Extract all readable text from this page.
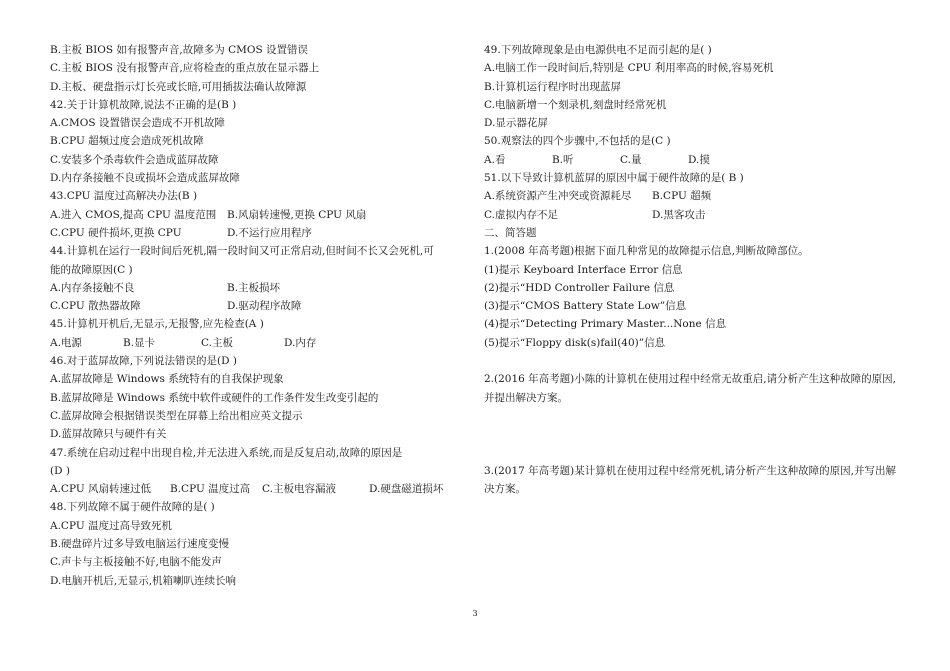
B.主板 BIOS 如有报警声音,故障多为 CMOS 设置错误
C.主板 BIOS 没有报警声音,应将检查的重点放在显示器上
D.主板、硬盘指示灯长亮或长暗,可用插拔法确认故障源
42.关于计算机故障,说法不正确的是(B )
A.CMOS 设置错误会造成不开机故障
B.CPU 超频过度会造成死机故障
C.安装多个杀毒软件会造成蓝屏故障
D.内存条接触不良或损坏会造成蓝屏故障
43.CPU 温度过高解决办法(B )
A.进入 CMOS,提高 CPU 温度范围	B.风扇转速慢,更换 CPU 风扇
C.CPU 硬件损坏,更换 CPU	D.不运行应用程序
44.计算机在运行一段时间后死机,隔一段时间又可正常启动,但时间不长又会死机,可
能的故障原因(C )
A.内存条接触不良	B.主板损坏
C.CPU 散热器故障	D.驱动程序故障
45.计算机开机后,无显示,无报警,应先检查(A )
A.电源	B.显卡	C.主板	D.内存
46.对于蓝屏故障,下列说法错误的是(D )
A.蓝屏故障是 Windows 系统特有的自我保护现象
B.蓝屏故障是 Windows 系统中软件或硬件的工作条件发生改变引起的
C.蓝屏故障会根据错误类型在屏幕上给出相应英文提示
D.蓝屏故障只与硬件有关
47.系统在启动过程中出现自检,并无法进入系统,而是反复启动,故障的原因是
(D )
A.CPU 风扇转速过低	B.CPU 温度过高	C.主板电容漏液	D.硬盘磁道损坏
48.下列故障不属于硬件故障的是( )
A.CPU 温度过高导致死机
B.硬盘碎片过多导致电脑运行速度变慢
C.声卡与主板接触不好,电脑不能发声
D.电脑开机后,无显示,机箱喇叭连续长响
49.下列故障现象是由电源供电不足而引起的是( )
A.电脑工作一段时间后,特别是 CPU 利用率高的时候,容易死机
B.计算机运行程序时出现蓝屏
C.电脑新增一个刻录机,刻盘时经常死机
D.显示器花屏
50.观察法的四个步骤中,不包括的是(C )
A.看	B.听	C.量	D.摸
51.以下导致计算机蓝屏的原因中属于硬件故障的是( B )
A.系统资源产生冲突或资源耗尽	B.CPU 超频
C.虚拟内存不足	D.黑客攻击
二、简答题
1.(2008 年高考题)根据下面几种常见的故障提示信息,判断故障部位。
(1)提示 Keyboard Interface Error 信息
(2)提示“HDD Controller Failure 信息
(3)提示“CMOS Battery State Low”信息
(4)提示“Detecting Primary Master...None 信息
(5)提示“Floppy disk(s)fail(40)”信息
2.(2016 年高考题)小陈的计算机在使用过程中经常无故重启,请分析产生这种故障的原因,并提出解决方案。
3.(2017 年高考题)某计算机在使用过程中经常死机,请分析产生这种故障的原因,并写出解决方案。
3
